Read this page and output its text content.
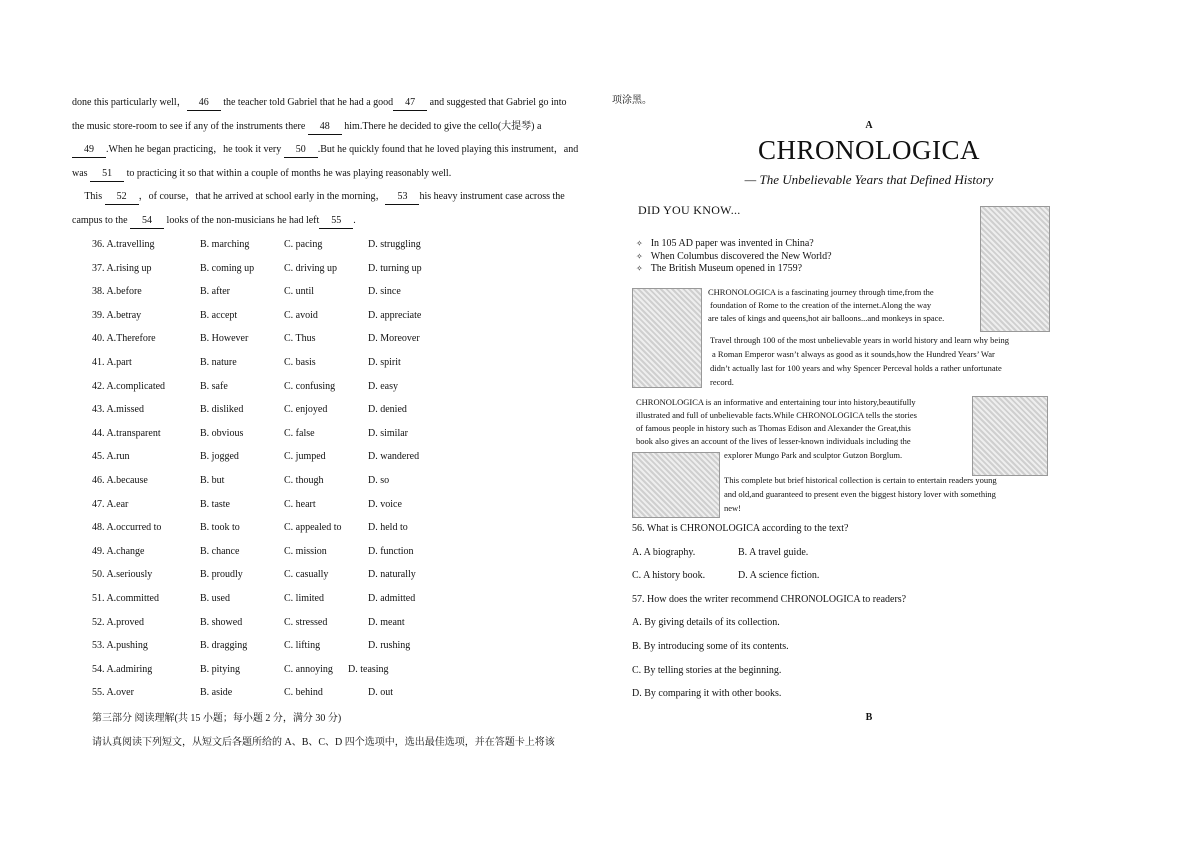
done this particularly well， 46 the teacher told Gabriel that he had a good 47 and suggested that Gabriel go into
the music store-room to see if any of the instruments there 48 him.There he decided to give the cello(大提琴) a
49 .When he began practicing，he took it very 50 .But he quickly found that he loved playing this instrument，and
was 51 to practicing it so that within a couple of months he was playing reasonably well.
This 52 ，of course，that he arrived at school early in the morning， 53 his heavy instrument case across the
campus to the 54 looks of the non-musicians he had left 55 .
36. A.travelling	B. marching	C. pacing	D. struggling
37. A.rising up	B. coming up	C. driving up	D. turning up
38. A.before	B. after	C. until	D. since
39. A.betray	B. accept	C. avoid	D. appreciate
40. A.Therefore	B. However	C. Thus	D. Moreover
41. A.part	B. nature	C. basis	D. spirit
42. A.complicated	B. safe	C. confusing	D. easy
43. A.missed	B. disliked	C. enjoyed	D. denied
44. A.transparent	B. obvious	C. false	D. similar
45. A.run	B. jogged	C. jumped	D. wandered
46. A.because	B. but	C. though	D. so
47. A.ear	B. taste	C. heart	D. voice
48. A.occurred to	B. took to	C. appealed to	D. held to
49. A.change	B. chance	C. mission	D. function
50. A.seriously	B. proudly	C. casually	D. naturally
51. A.committed	B. used	C. limited	D. admitted
52. A.proved	B. showed	C. stressed	D. meant
53. A.pushing	B. dragging	C. lifting	D. rushing
54. A.admiring	B. pitying	C. annoying D. teasing
55. A.over	B. aside	C. behind	D. out
第三部分 阅读理解(共 15 小题；每小题 2 分，满分 30 分)
请认真阅读下列短文，从短文后各题所给的 A、B、C、D 四个选项中，选出最佳选项，并在答题卡上将该
项涂黑。
A
CHRONOLOGICA
— The Unbelievable Years that Defined History
DID YOU KNOW...
✧ In 105 AD paper was invented in China?
✧ When Columbus discovered the New World?
✧ The British Museum opened in 1759?
CHRONOLOGICA is a fascinating journey through time,from the
foundation of Rome to the creation of the internet.Along the way
are tales of kings and queens,hot air balloons...and monkeys in space.
Travel through 100 of the most unbelievable years in world history and learn why being
a Roman Emperor wasn’t always as good as it sounds,how the Hundred Years’ War
didn’t actually last for 100 years and why Spencer Perceval holds a rather unfortunate
record.
CHRONOLOGICA is an informative and entertaining tour into history,beautifully
illustrated and full of unbelievable facts.While CHRONOLOGICA tells the stories
of famous people in history such as Thomas Edison and Alexander the Great,this
book also gives an account of the lives of lesser-known individuals including the
explorer Mungo Park and sculptor Gutzon Borglum.
This complete but brief historical collection is certain to entertain readers young
and old,and guaranteed to present even the biggest history lover with something
new!
56. What is CHRONOLOGICA according to the text?
A. A biography.	B. A travel guide.
C. A history book.	D. A science fiction.
57. How does the writer recommend CHRONOLOGICA to readers?
A. By giving details of its collection.
B. By introducing some of its contents.
C. By telling stories at the beginning.
D. By comparing it with other books.
B
